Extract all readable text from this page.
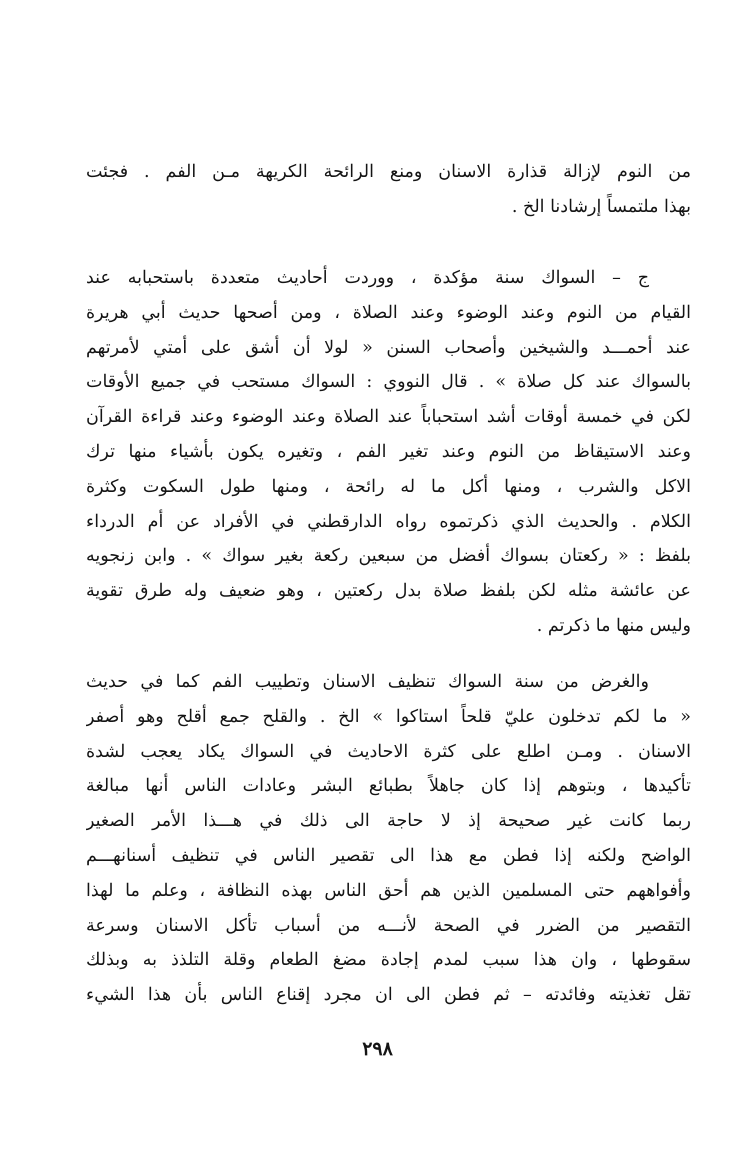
من النوم لإزالة قذارة الاسنان ومنع الرائحة الكريهة مـن الفم . فجئت
بهذا ملتمساً إرشادنا الخ .
ج – السواك سنة مؤكدة ، ووردت أحاديث متعددة باستحبابه عند
القيام من النوم وعند الوضوء وعند الصلاة ، ومن أصحها حديث أبي هريرة
عند أحمـــد والشيخين وأصحاب السنن « لولا أن أشق على أمتي لأمرتهم
بالسواك عند كل صلاة » . قال النووي : السواك مستحب في جميع الأوقات
لكن في خمسة أوقات أشد استحباباً عند الصلاة وعند الوضوء وعند قراءة القرآن
وعند الاستيقاظ من النوم وعند تغير الفم ، وتغيره يكون بأشياء منها ترك
الاكل والشرب ، ومنها أكل ما له رائحة ، ومنها طول السكوت وكثرة
الكلام . والحديث الذي ذكرتموه رواه الدارقطني في الأفراد عن أم الدرداء
بلفظ : « ركعتان بسواك أفضل من سبعين ركعة بغير سواك » . وابن زنجويه
عن عائشة مثله لكن بلفظ صلاة بدل ركعتين ، وهو ضعيف وله طرق تقوية
وليس منها ما ذكرتم .
والغرض من سنة السواك تنظيف الاسنان وتطييب الفم كما في حديث
« ما لكم تدخلون عليّ قلحاً استاكوا » الخ . والقلح جمع أقلح وهو أصفر
الاسنان . ومـن اطلع على كثرة الاحاديث في السواك يكاد يعجب لشدة
تأكيدها ، وبتوهم إذا كان جاهلاً بطبائع البشر وعادات الناس أنها مبالغة
ربما كانت غير صحيحة إذ لا حاجة الى ذلك في هـــذا الأمر الصغير
الواضح ولكنه إذا فطن مع هذا الى تقصير الناس في تنظيف أسنانهـــم
وأفواههم حتى المسلمين الذين هم أحق الناس بهذه النظافة ، وعلم ما لهذا
التقصير من الضرر في الصحة لأنـــه من أسباب تأكل الاسنان وسرعة
سقوطها ، وان هذا سبب لمدم إجادة مضغ الطعام وقلة التلذذ به وبذلك
تقل تغذيته وفائدته – ثم فطن الى ان مجرد إقناع الناس بأن هذا الشيء
٢٩٨
